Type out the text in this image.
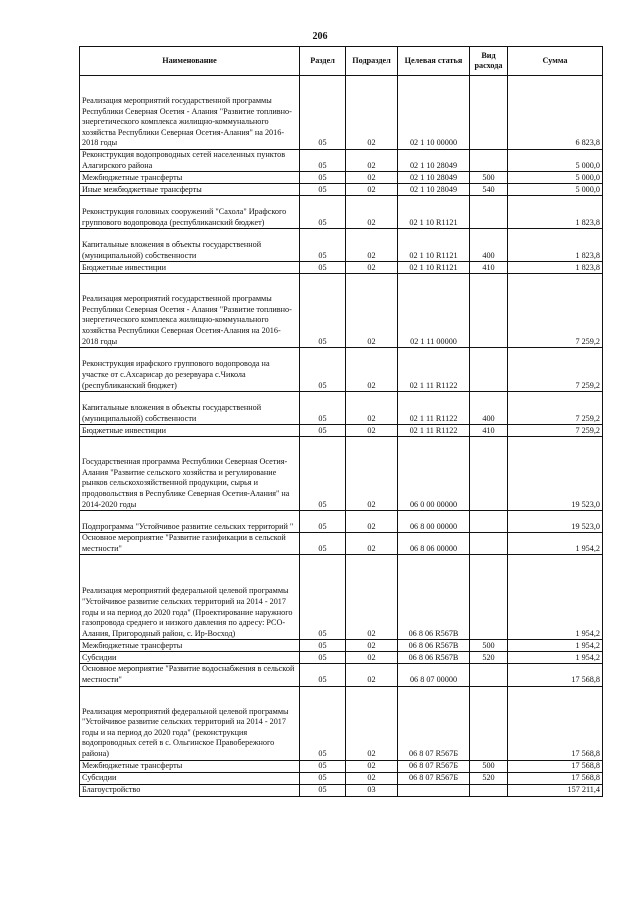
206
Наименование	Раздел	Подраздел	Целевая статья	Вид расхода	Сумма
Реализация мероприятий государственной программы Республики Северная Осетия - Алания "Развитие топливно-энергетического комплекса жилищно-коммунального хозяйства Республики Северная Осетия-Алания" на 2016-2018 годы	05	02	02 1 10 00000		6 823,8
Реконструкция водопроводных сетей населенных пунктов Алагирского района	05	02	02 1 10 28049		5 000,0
Межбюджетные трансферты	05	02	02 1 10 28049	500	5 000,0
Иные межбюджетные трансферты	05	02	02 1 10 28049	540	5 000,0
Реконструкция головных сооружений "Сахола" Ирафского группового водопровода (республиканский бюджет)	05	02	02 1 10 R1121		1 823,8
Капитальные вложения в объекты государственной (муниципальной) собственности	05	02	02 1 10 R1121	400	1 823,8
Бюджетные инвестиции	05	02	02 1 10 R1121	410	1 823,8
Реализация мероприятий государственной программы Республики Северная Осетия - Алания "Развитие топливно-энергетического комплекса жилищно-коммунального хозяйства Республики Северная Осетия-Алания на 2016-2018 годы	05	02	02 1 11 00000		7 259,2
Реконструкция ирафского группового водопровода на участке от с.Ахсарисар до резервуара с.Чикола (республиканский бюджет)	05	02	02 1 11 R1122		7 259,2
Капитальные вложения в объекты государственной (муниципальной) собственности	05	02	02 1 11 R1122	400	7 259,2
Бюджетные инвестиции	05	02	02 1 11 R1122	410	7 259,2
Государственная программа Республики Северная Осетия-Алания "Развитие сельского хозяйства и регулирование рынков сельскохозяйственной продукции, сырья и продовольствия в Республике Северная Осетия-Алания" на 2014-2020 годы	05	02	06 0 00 00000		19 523,0
Подпрограмма "Устойчивое развитие сельских территорий "	05	02	06 8 00 00000		19 523,0
Основное мероприятие "Развитие газификации в сельской местности"	05	02	06 8 06 00000		1 954,2
Реализация мероприятий федеральной целевой программы "Устойчивое развитие сельских территорий на 2014 - 2017 годы и на период до 2020 года" (Проектирование наружного газопровода среднего и низкого давления по адресу: РСО-Алания, Пригородный район, с. Ир-Восход)	05	02	06 8 06 R567В		1 954,2
Межбюджетные трансферты	05	02	06 8 06 R567В	500	1 954,2
Субсидии	05	02	06 8 06 R567В	520	1 954,2
Основное мероприятие "Развитие водоснабжения в сельской местности"	05	02	06 8 07 00000		17 568,8
Реализация мероприятий федеральной целевой программы "Устойчивое развитие сельских территорий на 2014 - 2017 годы и на период до 2020 года" (реконструкция водопроводных сетей в с. Ольгинское Правобережного района)	05	02	06 8 07 R567Б		17 568,8
Межбюджетные трансферты	05	02	06 8 07 R567Б	500	17 568,8
Субсидии	05	02	06 8 07 R567Б	520	17 568,8
Благоустройство	05	03			157 211,4
